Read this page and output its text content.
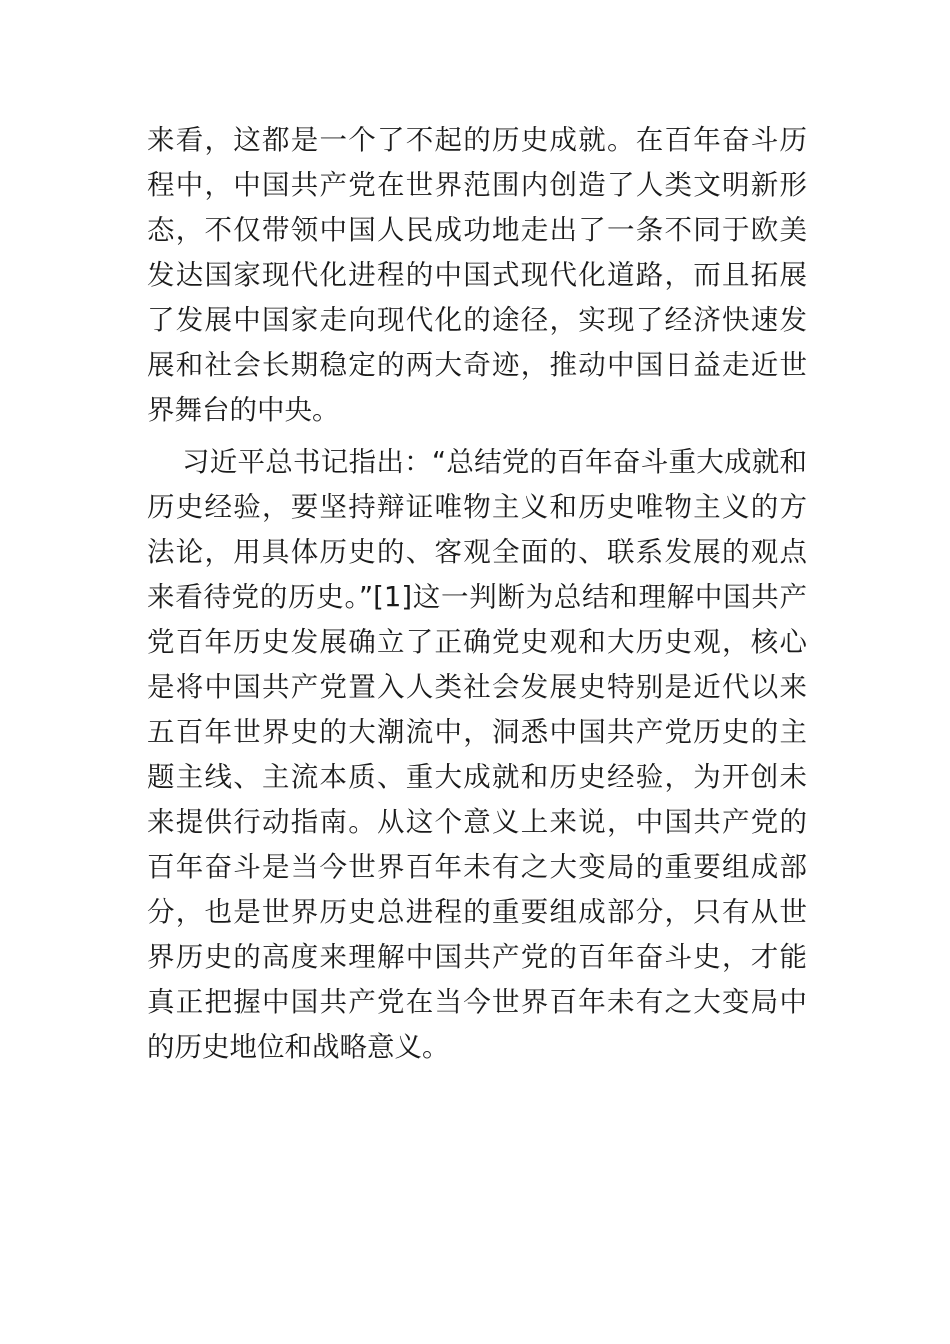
来看，这都是一个了不起的历史成就。在百年奋斗历

程中，中国共产党在世界范围内创造了人类文明新形

态，不仅带领中国人民成功地走出了一条不同于欧美

发达国家现代化进程的中国式现代化道路，而且拓展

了发展中国家走向现代化的途径，实现了经济快速发

展和社会长期稳定的两大奇迹，推动中国日益走近世

界舞台的中央。

习近平总书记指出：“总结党的百年奋斗重大成就和

历史经验，要坚持辩证唯物主义和历史唯物主义的方

法论，用具体历史的、客观全面的、联系发展的观点

来看待党的历史。”[1]这一判断为总结和理解中国共产

党百年历史发展确立了正确党史观和大历史观，核心

是将中国共产党置入人类社会发展史特别是近代以来

五百年世界史的大潮流中，洞悉中国共产党历史的主

题主线、主流本质、重大成就和历史经验，为开创未

来提供行动指南。从这个意义上来说，中国共产党的

百年奋斗是当今世界百年未有之大变局的重要组成部

分，也是世界历史总进程的重要组成部分，只有从世

界历史的高度来理解中国共产党的百年奋斗史，才能

真正把握中国共产党在当今世界百年未有之大变局中

的历史地位和战略意义。
